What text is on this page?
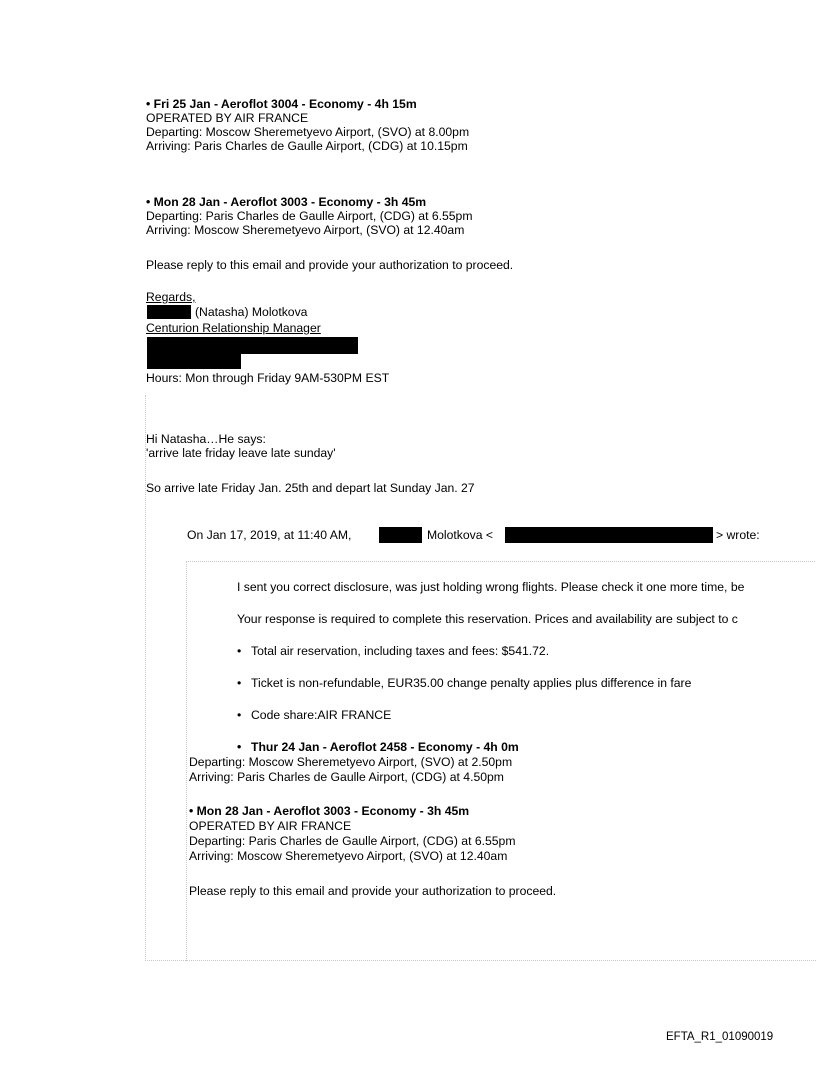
• Fri 25 Jan - Aeroflot 3004 - Economy - 4h 15m
OPERATED BY AIR FRANCE
Departing: Moscow Sheremetyevo Airport, (SVO) at 8.00pm
Arriving: Paris Charles de Gaulle Airport, (CDG) at 10.15pm
• Mon 28 Jan - Aeroflot 3003 - Economy - 3h 45m
Departing: Paris Charles de Gaulle Airport, (CDG) at 6.55pm
Arriving: Moscow Sheremetyevo Airport, (SVO) at 12.40am
Please reply to this email and provide your authorization to proceed.
Regards,
(Natasha) Molotkova
Centurion Relationship Manager
Hours: Mon through Friday 9AM-530PM EST
Hi Natasha…He says:
'arrive late friday leave late sunday'
So arrive late Friday Jan. 25th and depart lat Sunday Jan. 27
On Jan 17, 2019, at 11:40 AM,	Molotkova <	> wrote:
I sent you correct disclosure, was just holding wrong flights. Please check it one more time, be
Your response is required to complete this reservation. Prices and availability are subject to c
• Total air reservation, including taxes and fees: $541.72.
• Ticket is non-refundable, EUR35.00 change penalty applies plus difference in fare
• Code share:AIR FRANCE
• Thur 24 Jan - Aeroflot 2458 - Economy - 4h 0m
Departing: Moscow Sheremetyevo Airport, (SVO) at 2.50pm
Arriving: Paris Charles de Gaulle Airport, (CDG) at 4.50pm
• Mon 28 Jan - Aeroflot 3003 - Economy - 3h 45m
OPERATED BY AIR FRANCE
Departing: Paris Charles de Gaulle Airport, (CDG) at 6.55pm
Arriving: Moscow Sheremetyevo Airport, (SVO) at 12.40am
Please reply to this email and provide your authorization to proceed.
EFTA_R1_01090019
